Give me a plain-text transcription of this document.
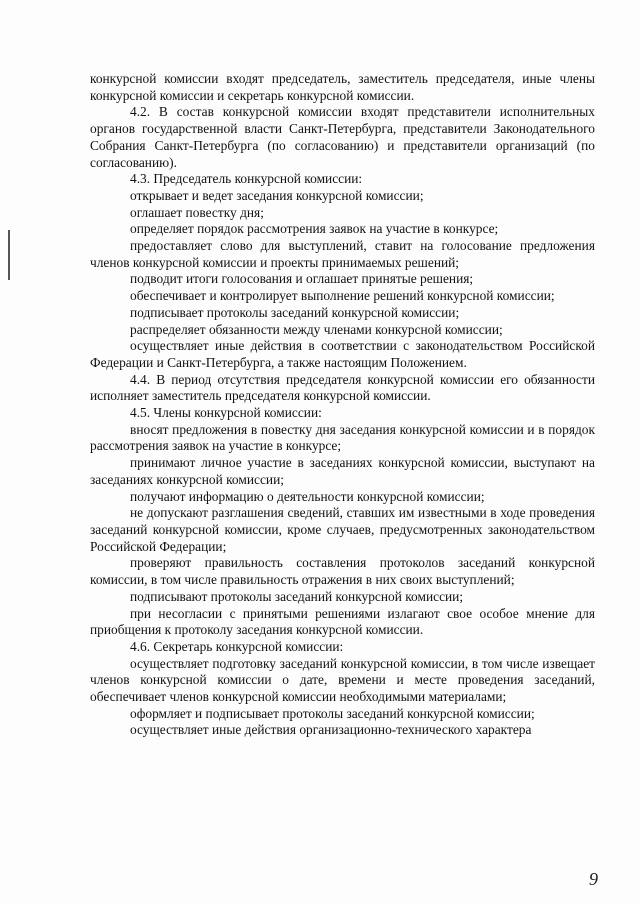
конкурсной комиссии входят председатель, заместитель председателя, иные члены конкурсной комиссии и секретарь конкурсной комиссии.

4.2. В состав конкурсной комиссии входят представители исполнительных органов государственной власти Санкт-Петербурга, представители Законодательного Собрания Санкт-Петербурга (по согласованию) и представители организаций (по согласованию).

4.3. Председатель конкурсной комиссии:

открывает и ведет заседания конкурсной комиссии;

оглашает повестку дня;

определяет порядок рассмотрения заявок на участие в конкурсе;

предоставляет слово для выступлений, ставит на голосование предложения членов конкурсной комиссии и проекты принимаемых решений;

подводит итоги голосования и оглашает принятые решения;

обеспечивает и контролирует выполнение решений конкурсной комиссии;

подписывает протоколы заседаний конкурсной комиссии;

распределяет обязанности между членами конкурсной комиссии;

осуществляет иные действия в соответствии с законодательством Российской Федерации и Санкт-Петербурга, а также настоящим Положением.

4.4. В период отсутствия председателя конкурсной комиссии его обязанности исполняет заместитель председателя конкурсной комиссии.

4.5. Члены конкурсной комиссии:

вносят предложения в повестку дня заседания конкурсной комиссии и в порядок рассмотрения заявок на участие в конкурсе;

принимают личное участие в заседаниях конкурсной комиссии, выступают на заседаниях конкурсной комиссии;

получают информацию о деятельности конкурсной комиссии;

не допускают разглашения сведений, ставших им известными в ходе проведения заседаний конкурсной комиссии, кроме случаев, предусмотренных законодательством Российской Федерации;

проверяют правильность составления протоколов заседаний конкурсной комиссии, в том числе правильность отражения в них своих выступлений;

подписывают протоколы заседаний конкурсной комиссии;

при несогласии с принятыми решениями излагают свое особое мнение для приобщения к протоколу заседания конкурсной комиссии.

4.6. Секретарь конкурсной комиссии:

осуществляет подготовку заседаний конкурсной комиссии, в том числе извещает членов конкурсной комиссии о дате, времени и месте проведения заседаний, обеспечивает членов конкурсной комиссии необходимыми материалами;

оформляет и подписывает протоколы заседаний конкурсной комиссии;

осуществляет иные действия организационно-технического характера

9
